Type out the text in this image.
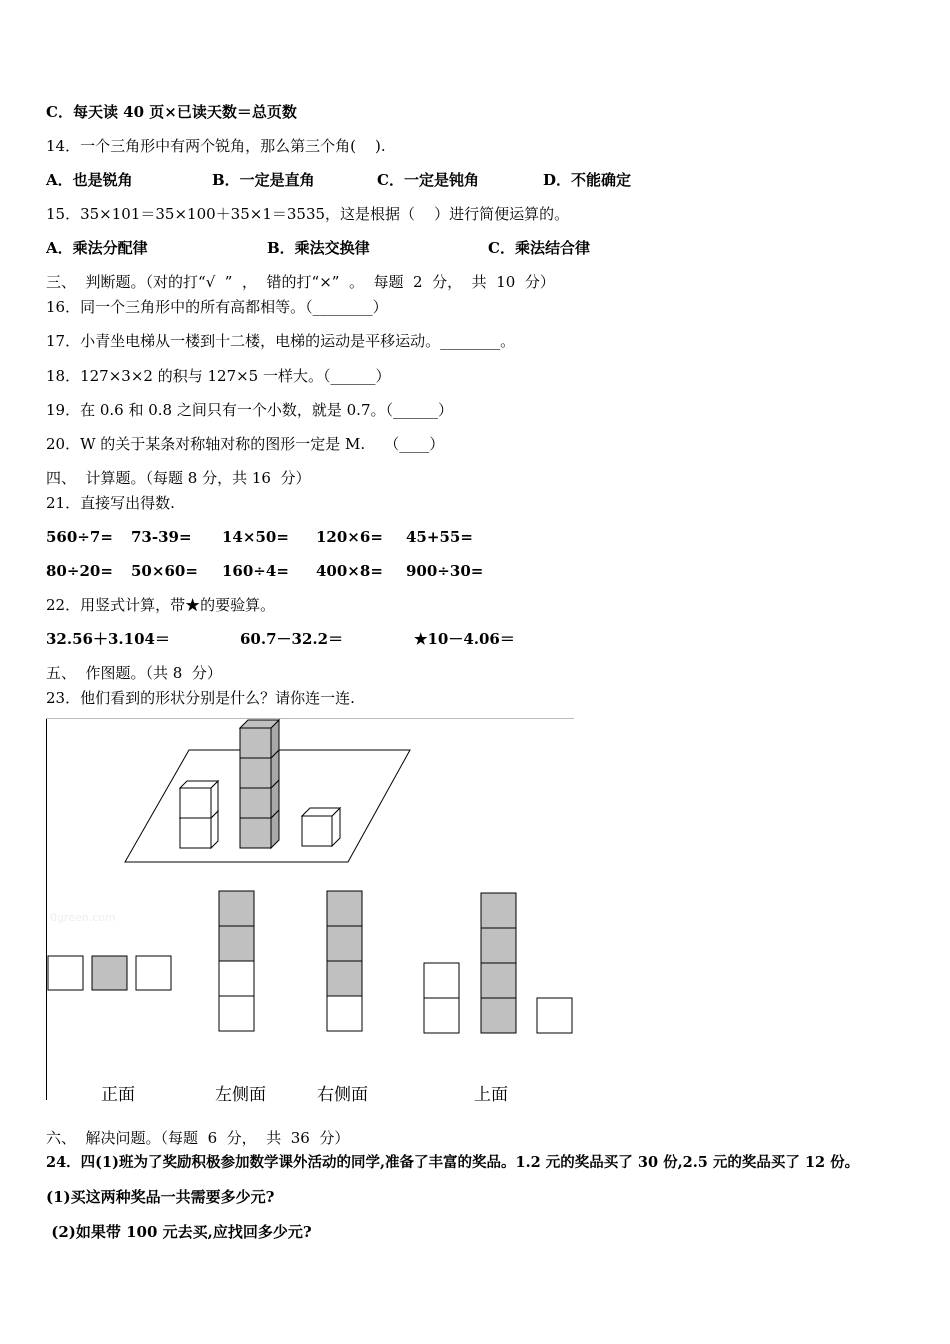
C．每天读 40 页×已读天数＝总页数
14．一个三角形中有两个锐角，那么第三个角(    ).
A．也是锐角	B．一定是直角	C．一定是钝角	D．不能确定
15．35×101＝35×100＋35×1＝3535，这是根据（    ）进行简便运算的。
A．乘法分配律	B．乘法交换律	C．乘法结合律
三、  判断题。（对的打“√  ”  ，  错的打“×”  。  每题  2  分，  共  10  分）
16．同一个三角形中的所有高都相等。（________）
17．小青坐电梯从一楼到十二楼，电梯的运动是平移运动。________。
18．127×3×2 的积与 127×5 一样大。（______）
19．在 0.6 和 0.8 之间只有一个小数，就是 0.7。（______）
20．W 的关于某条对称轴对称的图形一定是 M.    （____）
四、  计算题。（每题 8 分，共 16  分）
21．直接写出得数.
560÷7= 73-39= 14×50= 120×6= 45+55=
80÷20= 50×60= 160÷4= 400×8= 900÷30=
22．用竖式计算，带★的要验算。
32.56＋3.104＝	60.7－32.2＝	★10－4.06＝
五、  作图题。（共 8  分）
23．他们看到的形状分别是什么？请你连一连.
0green.com
正面	左侧面	右侧面	上面
六、  解决问题。（每题  6  分，  共  36  分）
24．四(1)班为了奖励积极参加数学课外活动的同学,准备了丰富的奖品。1.2 元的奖品买了 30 份,2.5 元的奖品买了 12 份。
(1)买这两种奖品一共需要多少元?
(2)如果带 100 元去买,应找回多少元?
